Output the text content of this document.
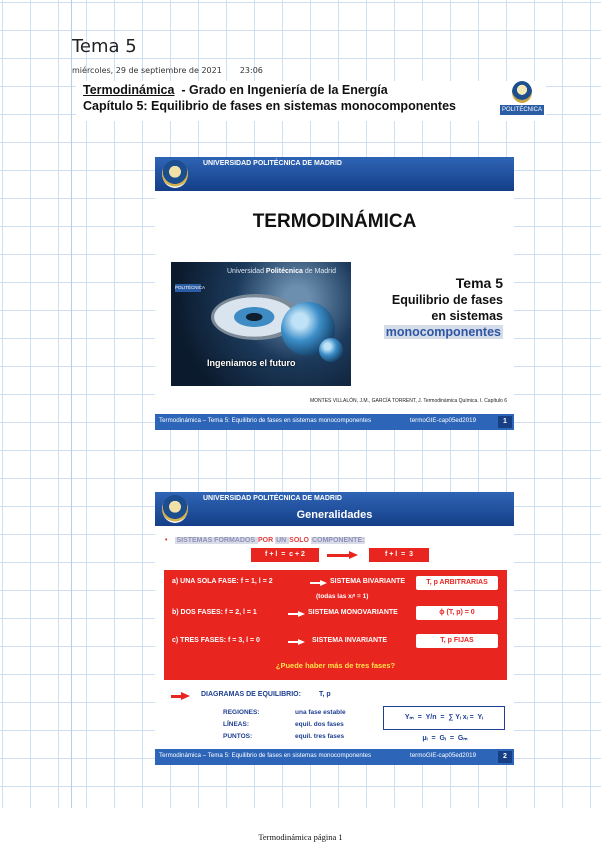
Tema 5
miércoles, 29 de septiembre de 2021 23:06
Termodinámica  - Grado en Ingeniería de la Energía
Capítulo 5: Equilibrio de fases en sistemas monocomponentes	POLITÉCNICA
UNIVERSIDAD POLITÉCNICA DE MADRID
TERMODINÁMICA
Universidad Politécnica de Madrid
POLITÉCNICA
Ingeniamos el futuro
Tema 5
Equilibrio de fases
en sistemas
monocomponentes
MONTES VILLALÓN, J.M., GARCÍA TORRENT, J. Termodinámica Química. I. Capítulo 6
Termodinámica – Tema 5: Equilibrio de fases en sistemas monocomponentes	termoGIE-cap05ed2019	1
UNIVERSIDAD POLITÉCNICA DE MADRID
Generalidades
• SISTEMAS FORMADOS POR UN SOLO COMPONENTE:
f + l  =  c + 2	f + l  =  3
a) UNA SOLA FASE: f = 1, l = 2	SISTEMA BIVARIANTE	T, p ARBITRARIAS
(todas las xᵢᵅ = 1)
b) DOS FASES: f = 2, l = 1	SISTEMA MONOVARIANTE	ϕ (T, p) = 0
c) TRES FASES: f = 3, l = 0	SISTEMA INVARIANTE	T, p FIJAS
¿Puede haber más de tres fases?
DIAGRAMAS DE EQUILIBRIO:	T, p
REGIONES:	una fase estable
LÍNEAS:	equil. dos fases
PUNTOS:	equil. tres fases
Yₘ  =  Y/n  =  ∑ Yᵢ xᵢ =  Yᵢ
μᵢ  =  Gᵢ  =  Gₘ
Termodinámica – Tema 5: Equilibrio de fases en sistemas monocomponentes	termoGIE-cap05ed2019	2
Termodinámica página 1
